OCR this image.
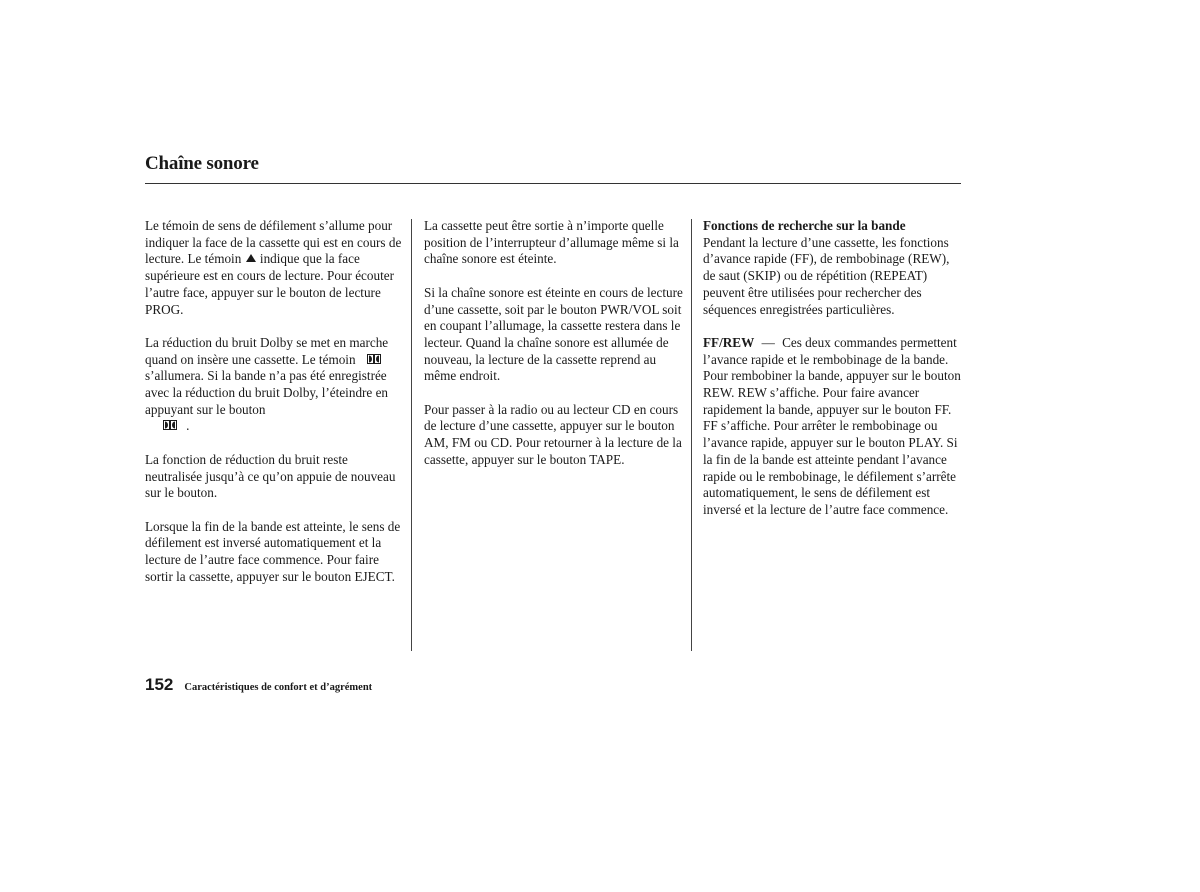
Chaîne sonore

Le témoin de sens de défilement s’allume pour indiquer la face de la cassette qui est en cours de lecture. Le témoin indique que la face supérieure est en cours de lecture. Pour écouter l’autre face, appuyer sur le bouton de lecture PROG.

La réduction du bruit Dolby se met en marche quand on insère une cassette. Le témoin
s’allumera. Si la bande n’a pas été enregistrée avec la réduction du bruit Dolby, l’éteindre en appuyant sur le bouton

.

La fonction de réduction du bruit reste neutralisée jusqu’à ce qu’on appuie de nouveau sur le bouton.

Lorsque la fin de la bande est atteinte, le sens de défilement est inversé automatiquement et la lecture de l’autre face commence. Pour faire sortir la cassette, appuyer sur le bouton EJECT.

La cassette peut être sortie à n’importe quelle position de l’interrupteur d’allumage même si la chaîne sonore est éteinte.

Si la chaîne sonore est éteinte en cours de lecture d’une cassette, soit par le bouton PWR/VOL soit en coupant l’allumage, la cassette restera dans le lecteur. Quand la chaîne sonore est allumée de nouveau, la lecture de la cassette reprend au même endroit.

Pour passer à la radio ou au lecteur CD en cours de lecture d’une cassette, appuyer sur le bouton AM, FM ou CD. Pour retourner à la lecture de la cassette, appuyer sur le bouton TAPE.

Fonctions de recherche sur la bande
Pendant la lecture d’une cassette, les fonctions d’avance rapide (FF), de rembobinage (REW), de saut (SKIP) ou de répétition (REPEAT) peuvent être utilisées pour rechercher des séquences enregistrées particulières.

FF/REW — Ces deux commandes permettent l’avance rapide et le rembobinage de la bande. Pour rembobiner la bande, appuyer sur le bouton REW. REW s’affiche. Pour faire avancer rapidement la bande, appuyer sur le bouton FF. FF s’affiche. Pour arrêter le rembobinage ou l’avance rapide, appuyer sur le bouton PLAY. Si la fin de la bande est atteinte pendant l’avance rapide ou le rembobinage, le défilement s’arrête automatiquement, le sens de défilement est inversé et la lecture de l’autre face commence.

152 Caractéristiques de confort et d’agrément
